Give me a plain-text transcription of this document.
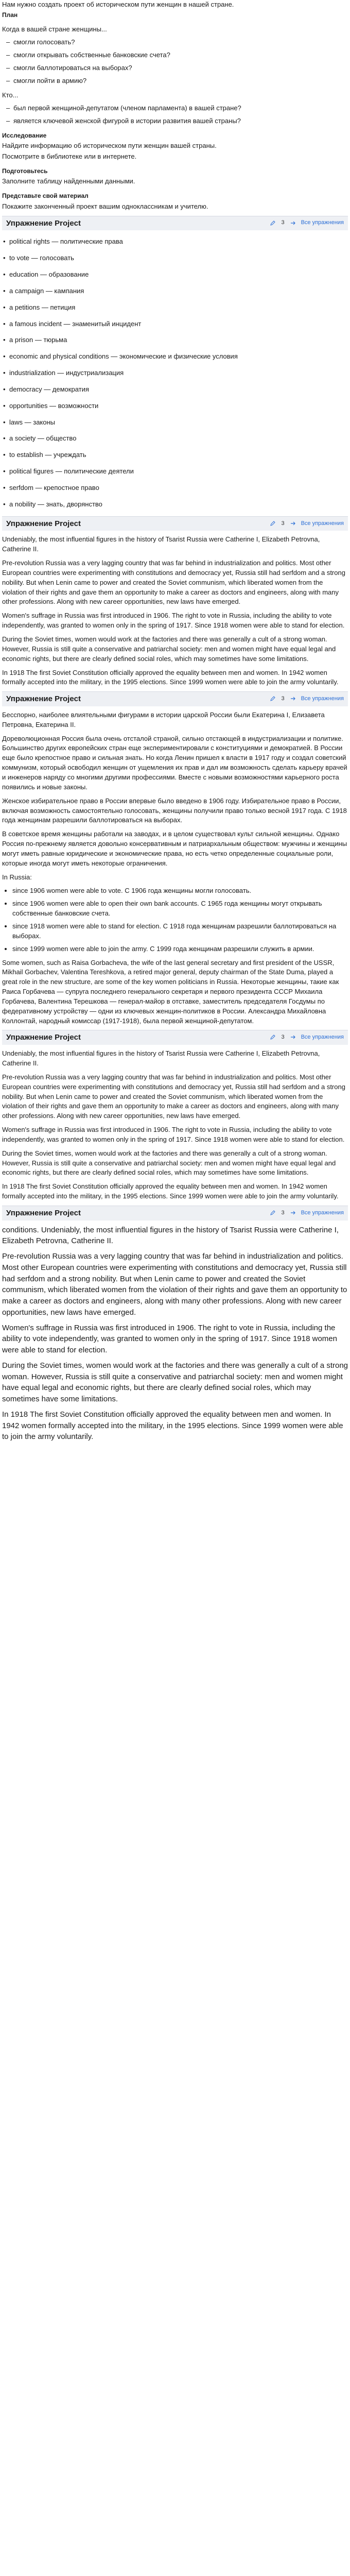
Нам нужно создать проект об историческом пути женщин в нашей стране.

План

Когда в вашей стране женщины...

– смогли голосовать?
– смогли открывать собственные банковские счета?
– смогли баллотироваться на выборах?
– смогли пойти в армию?

Кто...

– был первой женщиной-депутатом (членом парламента) в вашей стране?
– является ключевой женской фигурой в истории развития вашей страны?
Исследование

Найдите информацию об историческом пути женщин вашей страны.

Посмотрите в библиотеке или в интернете.

Подготовьтесь

Заполните таблицу найденными данными.

Представьте свой материал

Покажите законченный проект вашим одноклассникам и учителю.

Упражнение Project	3	Все упражнения
• political rights — политические права
• to vote — голосовать
• education — образование
• a campaign — кампания
• a petitions — петиция
• a famous incident — знаменитый инцидент
• a prison — тюрьма
• economic and physical conditions — экономические и физические условия
• industrialization — индустриализация
• democracy — демократия
• opportunities — возможности
• laws — законы
• a society — общество
• to establish — учреждать
• political figures — политические деятели
• serfdom — крепостное право
• a nobility — знать, дворянство
Упражнение Project	3	Все упражнения

Undeniably, the most influential figures in the history of Tsarist Russia were Catherine I, Elizabeth Petrovna, Catherine II.

Pre-revolution Russia was a very lagging country that was far behind in industrialization and politics. Most other European countries were experimenting with constitutions and democracy yet, Russia still had serfdom and a strong nobility. But when Lenin came to power and created the Soviet communism, which liberated women from the violation of their rights and gave them an opportunity to make a career as doctors and engineers, along with many other professions. Along with new career opportunities, new laws have emerged.

Women's suffrage in Russia was first introduced in 1906. The right to vote in Russia, including the ability to vote independently, was granted to women only in the spring of 1917. Since 1918 women were able to stand for election.

During the Soviet times, women would work at the factories and there was generally a cult of a strong woman. However, Russia is still quite a conservative and patriarchal society: men and women might have equal legal and economic rights, but there are clearly defined social roles, which may sometimes have some limitations.

In 1918 The first Soviet Constitution officially approved the equality between men and women. In 1942 women formally accepted into the military, in the 1995 elections. Since 1999 women were able to join the army voluntarily.

Упражнение Project	3	Все упражнения

Бесспорно, наиболее влиятельными фигурами в истории царской России были Екатерина I, Елизавета Петровна, Екатерина II.

Дореволюционная Россия была очень отсталой страной, сильно отстающей в индустриализации и политике. Большинство других европейских стран еще экспериментировали с конституциями и демократией. В России еще было крепостное право и сильная знать. Но когда Ленин пришел к власти в 1917 году и создал советский коммунизм, который освободил женщин от ущемления их прав и дал им возможность сделать карьеру врачей и инженеров наряду со многими другими профессиями. Вместе с новыми возможностями карьерного роста появились и новые законы.

Женское избирательное право в России впервые было введено в 1906 году. Избирательное право в России, включая возможность самостоятельно голосовать, женщины получили право только весной 1917 года. С 1918 года женщинам разрешили баллотироваться на выборах.

В советское время женщины работали на заводах, и в целом существовал культ сильной женщины. Однако Россия по-прежнему является довольно консервативным и патриархальным обществом: мужчины и женщины могут иметь равные юридические и экономические права, но есть четко определенные социальные роли, которые иногда могут иметь некоторые ограничения.

In Russia:

• since 1906 women were able to vote. С 1906 года женщины могли голосовать.
• since 1906 women were able to open their own bank accounts. С 1965 года женщины могут открывать собственные банковские счета.
• since 1918 women were able to stand for election. С 1918 года женщинам разрешили баллотироваться на выборах.
• since 1999 women were able to join the army. С 1999 года женщинам разрешили служить в армии.

Some women, such as Raisa Gorbacheva, the wife of the last general secretary and first president of the USSR, Mikhail Gorbachev, Valentina Tereshkova, a retired major general, deputy chairman of the State Duma, played a great role in the new structure, are some of the key women politicians in Russia. Некоторые женщины, такие как Раиса Горбачева — супруга последнего генерального секретаря и первого президента СССР Михаила Горбачева, Валентина Терешкова — генерал-майор в отставке, заместитель председателя Госдумы по федеративному устройству — одни из ключевых женщин-политиков в России. Александра Михайловна Коллонтай, народный комиссар (1917-1918), была первой женщиной-депутатом.

Упражнение Project	3	Все упражнения

Undeniably, the most influential figures in the history of Tsarist Russia were Catherine I, Elizabeth Petrovna, Catherine II.

Pre-revolution Russia was a very lagging country that was far behind in industrialization and politics. Most other European countries were experimenting with constitutions and democracy yet, Russia still had serfdom and a strong nobility. But when Lenin came to power and created the Soviet communism, which liberated women from the violation of their rights and gave them an opportunity to make a career as doctors and engineers, along with many other professions. Along with new career opportunities, new laws have emerged.

Women's suffrage in Russia was first introduced in 1906. The right to vote in Russia, including the ability to vote independently, was granted to women only in the spring of 1917. Since 1918 women were able to stand for election.

During the Soviet times, women would work at the factories and there was generally a cult of a strong woman. However, Russia is still quite a conservative and patriarchal society: men and women might have equal legal and economic rights, but there are clearly defined social roles, which may sometimes have some limitations.

In 1918 The first Soviet Constitution officially approved the equality between men and women. In 1942 women formally accepted into the military, in the 1995 elections. Since 1999 women were able to join the army voluntarily.

Упражнение Project	3	Все упражнения

conditions. Undeniably, the most influential figures in the history of Tsarist Russia were Catherine I, Elizabeth Petrovna, Catherine II.

Pre-revolution Russia was a very lagging country that was far behind in industrialization and politics. Most other European countries were experimenting with constitutions and democracy yet, Russia still had serfdom and a strong nobility. But when Lenin came to power and created the Soviet communism, which liberated women from the violation of their rights and gave them an opportunity to make a career as doctors and engineers, along with many other professions. Along with new career opportunities, new laws have emerged.

Women's suffrage in Russia was first introduced in 1906. The right to vote in Russia, including the ability to vote independently, was granted to women only in the spring of 1917. Since 1918 women were able to stand for election.

During the Soviet times, women would work at the factories and there was generally a cult of a strong woman. However, Russia is still quite a conservative and patriarchal society: men and women might have equal legal and economic rights, but there are clearly defined social roles, which may sometimes have some limitations.

In 1918 The first Soviet Constitution officially approved the equality between men and women. In 1942 women formally accepted into the military, in the 1995 elections. Since 1999 women were able to join the army voluntarily.
